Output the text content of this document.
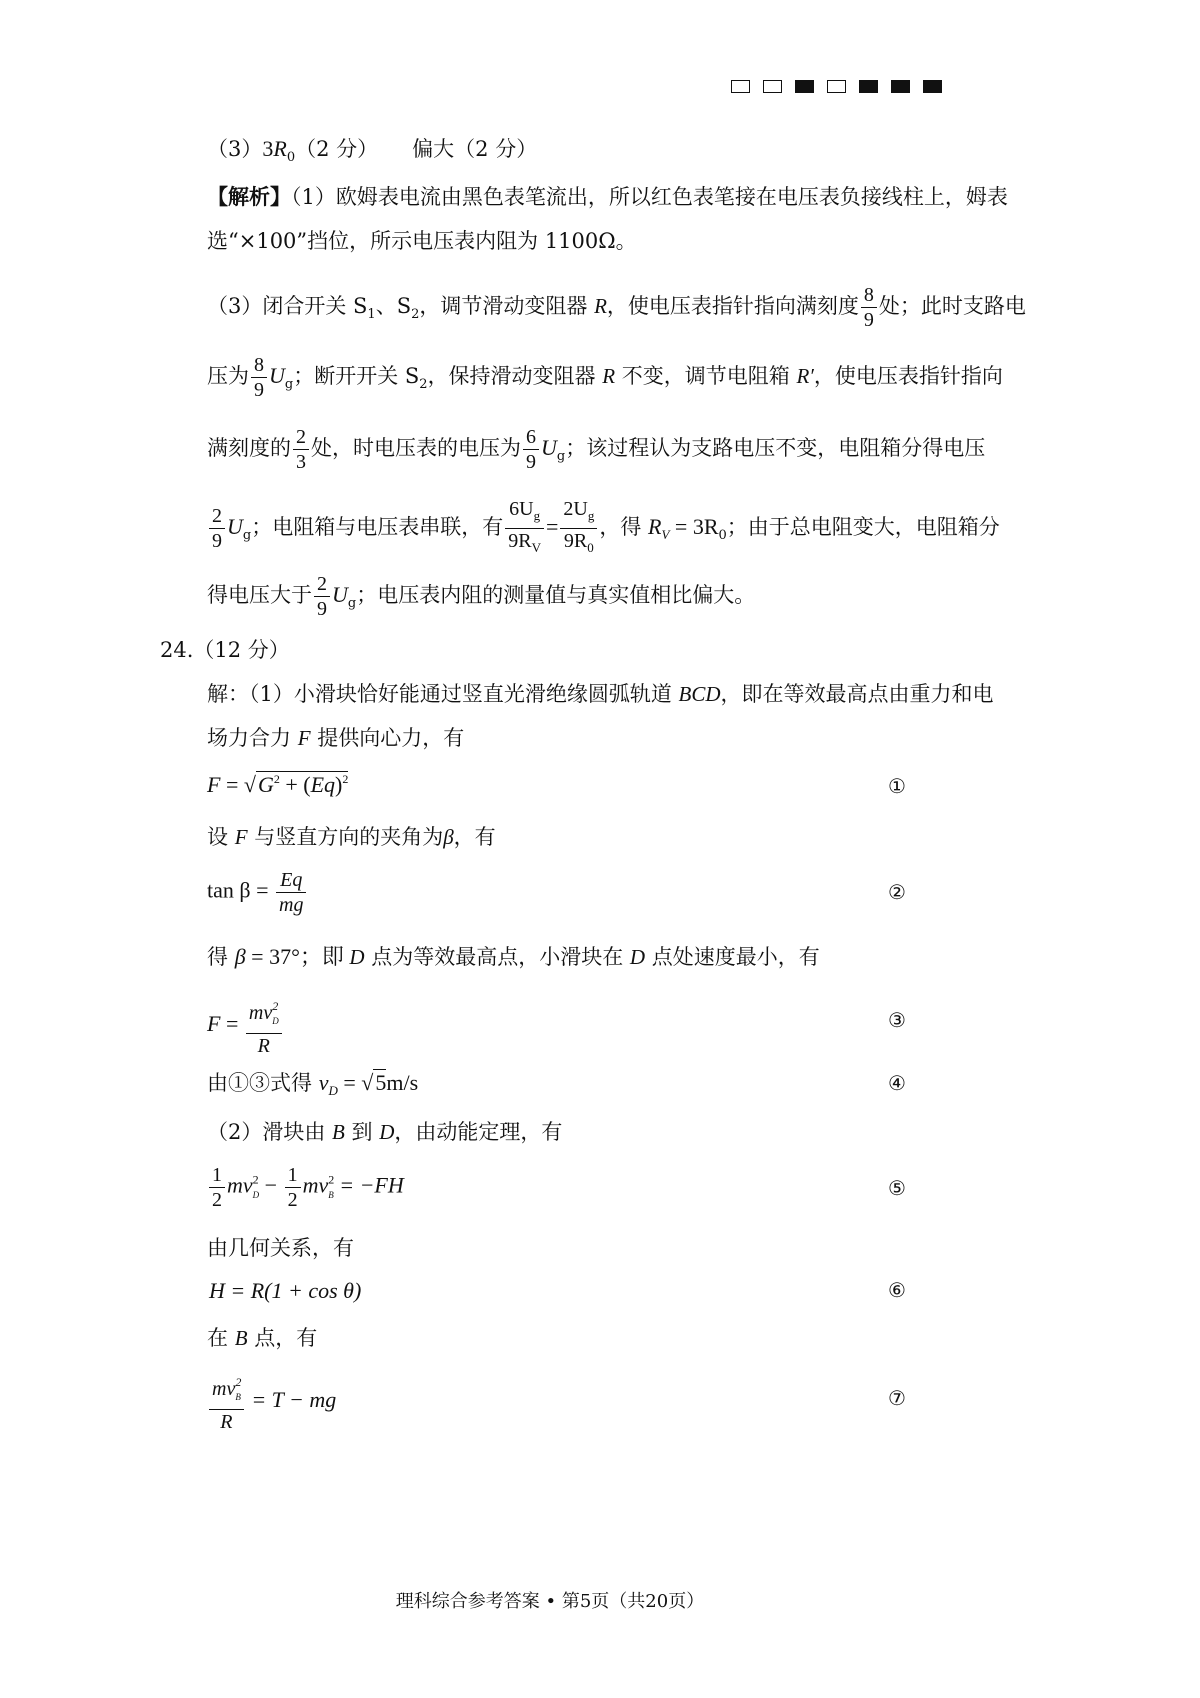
$(3)3R_0(2$ 分） 偏大（2 分）
【解析】（1）欧姆表电流由黑色表笔流出，所以红色表笔接在电压表负接线柱上，姆表
选“×100”挡位，所示电压表内阻为 1100Ω。
（3）闭合开关 $S_1$、$S_2$，调节滑动变阻器 R，使电压表指针指向满刻度 $\frac{8}{9}$ 处；此时支路电
压为 $\frac{8}{9} U_g$；断开开关 $S_2$，保持滑动变阻器 R 不变，调节电阻箱 R′，使电压表指针指向
满刻度的 $\frac{2}{3}$ 处，时电压表的电压为 $\frac{6}{9} U_g$；该过程认为支路电压不变，电阻箱分得电压
$\frac{2}{9} U_g$；电阻箱与电压表串联，有 $\frac{6U_g}{9R_V} = \frac{2U_g}{9R_0}$ ，得 $R_V = 3R_0$；由于总电阻变大，电阻箱分
得电压大于 $\frac{2}{9} U_g$；电压表内阻的测量值与真实值相比偏大。
24.（12 分）
解：（1）小滑块恰好能通过竖直光滑绝缘圆弧轨道 BCD，即在等效最高点由重力和电
场力合力 F 提供向心力，有
$F = √G^2 + (Eq)^2$	①
设 F 与竖直方向的夹角为β，有
$\tan \beta = \frac{Eq}{mg}$	②
得 β = 37°；即 D 点为等效最高点，小滑块在 D 点处速度最小，有
$F = \frac{mv^2_D}{R}$	③
由①③式得 $v_D = √5m/s$	④
（2）滑块由 B 到 D，由动能定理，有
$\frac{1}{2} mv^2_D - \frac{1}{2} mv^2_B = -FH$	⑤
由几何关系，有
H = R(1 + cos θ)	⑥
在 B 点，有
$\frac{mv^2_B}{R} = T$ − mg	⑦
理科综合参考答案 • 第5页（共20页）
